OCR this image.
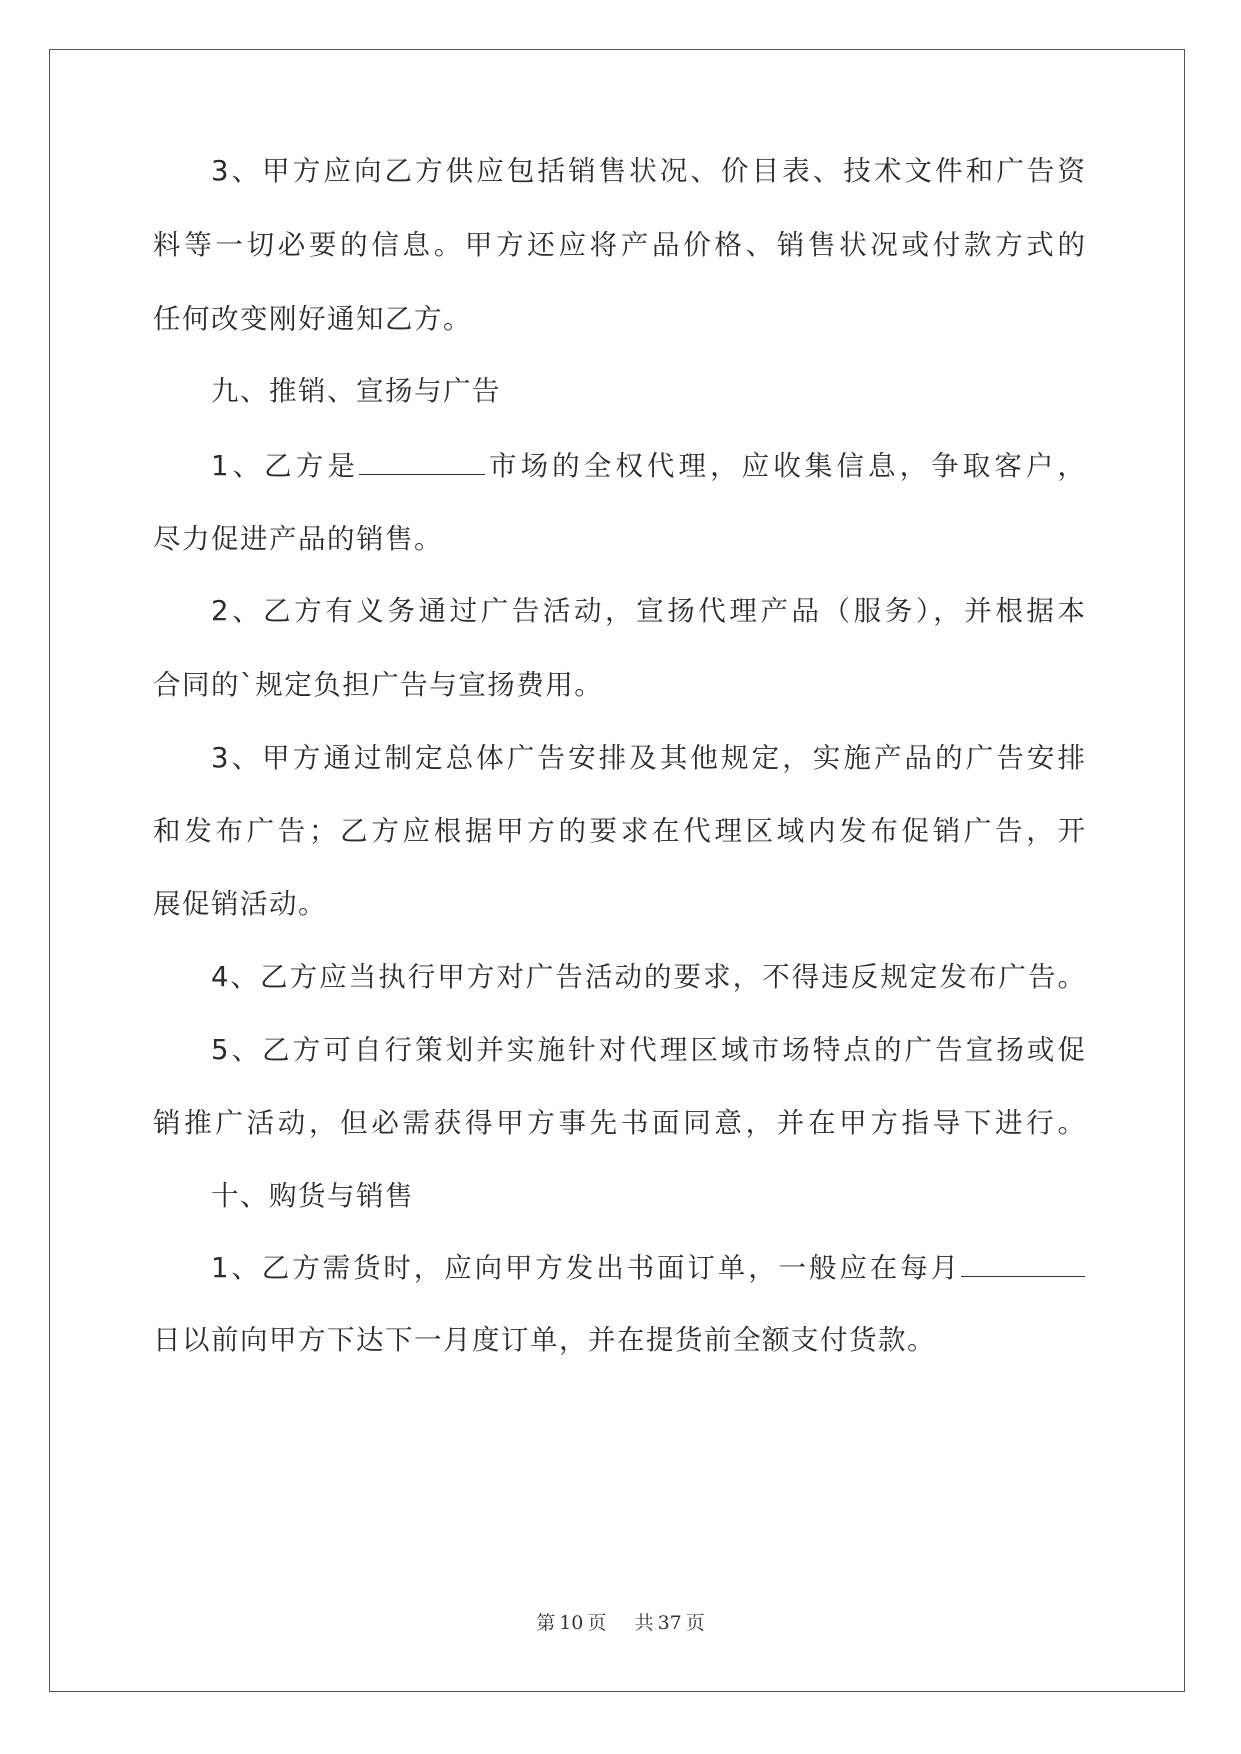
3、甲方应向乙方供应包括销售状况、价目表、技术文件和广告资
料等一切必要的信息。甲方还应将产品价格、销售状况或付款方式的
任何改变刚好通知乙方。
九、推销、宣扬与广告
1、乙方是	市场的全权代理，应收集信息，争取客户，
尽力促进产品的销售。
2、乙方有义务通过广告活动，宣扬代理产品（服务），并根据本
合同的`规定负担广告与宣扬费用。
3、甲方通过制定总体广告安排及其他规定，实施产品的广告安排
和发布广告；乙方应根据甲方的要求在代理区域内发布促销广告，开
展促销活动。
4、乙方应当执行甲方对广告活动的要求，不得违反规定发布广告。
5、乙方可自行策划并实施针对代理区域市场特点的广告宣扬或促
销推广活动，但必需获得甲方事先书面同意，并在甲方指导下进行。
十、购货与销售
1、乙方需货时，应向甲方发出书面订单，一般应在每月
日以前向甲方下达下一月度订单，并在提货前全额支付货款。
第 10 页 共 37 页
